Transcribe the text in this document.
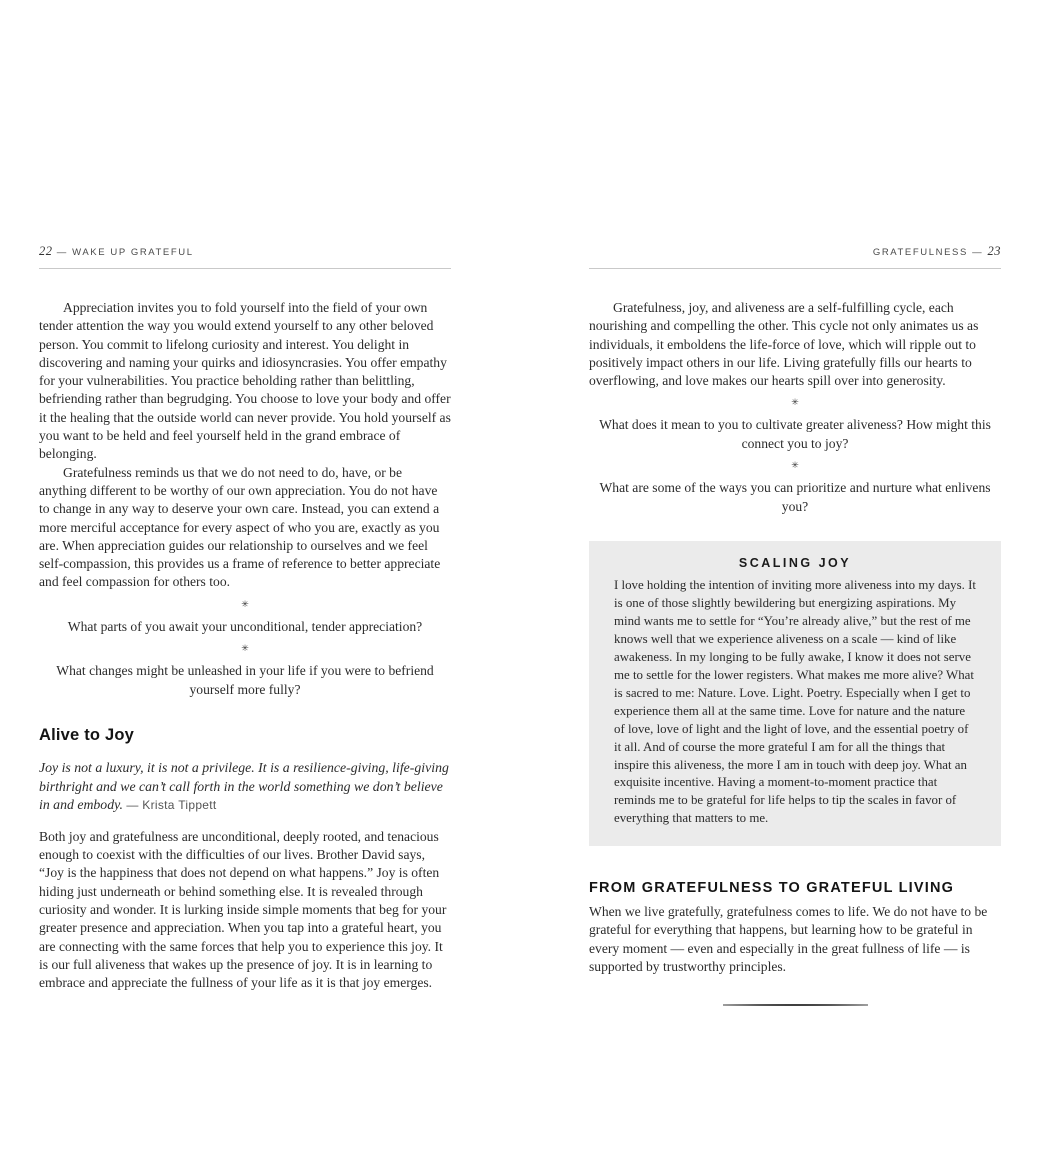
22 — WAKE UP GRATEFUL

Appreciation invites you to fold yourself into the field of your own tender attention the way you would extend yourself to any other beloved person. You commit to lifelong curiosity and interest. You delight in discovering and naming your quirks and idiosyncrasies. You offer empathy for your vulnerabilities. You practice beholding rather than belittling, befriending rather than begrudging. You choose to love your body and offer it the healing that the outside world can never provide. You hold yourself as you want to be held and feel yourself held in the grand embrace of belonging.

Gratefulness reminds us that we do not need to do, have, or be anything different to be worthy of our own appreciation. You do not have to change in any way to deserve your own care. Instead, you can extend a more merciful acceptance for every aspect of who you are, exactly as you are. When appreciation guides our relationship to ourselves and we feel self-compassion, this provides us a frame of reference to better appreciate and feel compassion for others too.

✳
What parts of you await your unconditional, tender appreciation?
✳
What changes might be unleashed in your life if you were to befriend yourself more fully?
Alive to Joy
Joy is not a luxury, it is not a privilege. It is a resilience-giving, life-giving birthright and we can’t call forth in the world something we don’t believe in and embody. — Krista Tippett

Both joy and gratefulness are unconditional, deeply rooted, and tenacious enough to coexist with the difficulties of our lives. Brother David says, “Joy is the happiness that does not depend on what happens.” Joy is often hiding just underneath or behind something else. It is revealed through curiosity and wonder. It is lurking inside simple moments that beg for your greater presence and appreciation. When you tap into a grateful heart, you are connecting with the same forces that help you to experience this joy. It is our full aliveness that wakes up the presence of joy. It is in learning to embrace and appreciate the fullness of your life as it is that joy emerges.

GRATEFULNESS — 23

Gratefulness, joy, and aliveness are a self-fulfilling cycle, each nourishing and compelling the other. This cycle not only animates us as individuals, it emboldens the life-force of love, which will ripple out to positively impact others in our life. Living gratefully fills our hearts to overflowing, and love makes our hearts spill over into generosity.

✳
What does it mean to you to cultivate greater aliveness? How might this connect you to joy?
✳
What are some of the ways you can prioritize and nurture what enlivens you?
SCALING JOY
I love holding the intention of inviting more aliveness into my days. It is one of those slightly bewildering but energizing aspirations. My mind wants me to settle for “You’re already alive,” but the rest of me knows well that we experience aliveness on a scale — kind of like awakeness. In my longing to be fully awake, I know it does not serve me to settle for the lower registers. What makes me more alive? What is sacred to me: Nature. Love. Light. Poetry. Especially when I get to experience them all at the same time. Love for nature and the nature of love, love of light and the light of love, and the essential poetry of it all. And of course the more grateful I am for all the things that inspire this aliveness, the more I am in touch with deep joy. What an exquisite incentive. Having a moment-to-moment practice that reminds me to be grateful for life helps to tip the scales in favor of everything that matters to me.
FROM GRATEFULNESS TO GRATEFUL LIVING

When we live gratefully, gratefulness comes to life. We do not have to be grateful for everything that happens, but learning how to be grateful in every moment — even and especially in the great fullness of life — is supported by trustworthy principles.
